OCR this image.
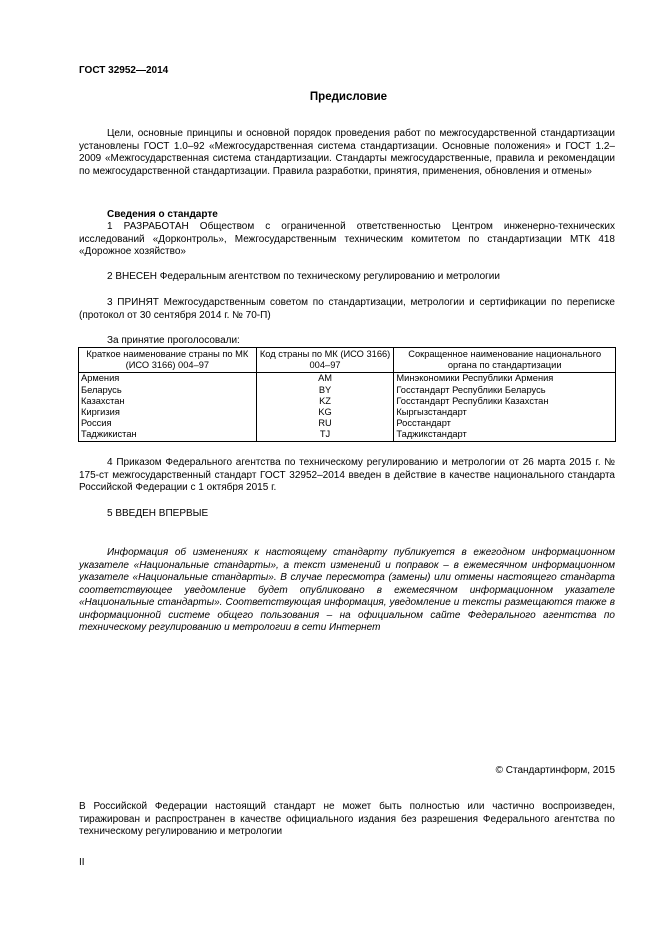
ГОСТ 32952—2014
Предисловие

Цели, основные принципы и основной порядок проведения работ по межгосударственной стандартизации установлены ГОСТ 1.0–92 «Межгосударственная система стандартизации. Основные положения» и ГОСТ 1.2–2009 «Межгосударственная система стандартизации. Стандарты межгосударственные, правила и рекомендации по межгосударственной стандартизации. Правила разработки, принятия, применения, обновления и отмены»

Сведения о стандарте

1 РАЗРАБОТАН Обществом с ограниченной ответственностью Центром инженерно-технических исследований «Дорконтроль», Межгосударственным техническим комитетом по стандартизации МТК 418 «Дорожное хозяйство»

2 ВНЕСЕН Федеральным агентством по техническому регулированию и метрологии

3 ПРИНЯТ Межгосударственным советом по стандартизации, метрологии и сертификации по переписке (протокол от 30 сентября 2014 г. № 70-П)

За принятие проголосовали:
Краткое наименование страны по МК (ИСО 3166) 004–97	Код страны по МК (ИСО 3166) 004–97	Сокращенное наименование национального органа по стандартизации
Армения	AM	Минэкономики Республики Армения
Беларусь	BY	Госстандарт Республики Беларусь
Казахстан	KZ	Госстандарт Республики Казахстан
Киргизия	KG	Кыргызстандарт
Россия	RU	Росстандарт
Таджикистан	TJ	Таджикстандарт

4 Приказом Федерального агентства по техническому регулированию и метрологии от 26 марта 2015 г. № 175-ст межгосударственный стандарт ГОСТ 32952–2014 введен в действие в качестве национального стандарта Российской Федерации с 1 октября 2015 г.

5 ВВЕДЕН ВПЕРВЫЕ

Информация об изменениях к настоящему стандарту публикуется в ежегодном информационном указателе «Национальные стандарты», а текст изменений и поправок – в ежемесячном информационном указателе «Национальные стандарты». В случае пересмотра (замены) или отмены настоящего стандарта соответствующее уведомление будет опубликовано в ежемесячном информационном указателе «Национальные стандарты». Соответствующая информация, уведомление и тексты размещаются также в информационной системе общего пользования – на официальном сайте Федерального агентства по техническому регулированию и метрологии в сети Интернет

© Стандартинформ, 2015

В Российской Федерации настоящий стандарт не может быть полностью или частично воспроизведен, тиражирован и распространен в качестве официального издания без разрешения Федерального агентства по техническому регулированию и метрологии

II
